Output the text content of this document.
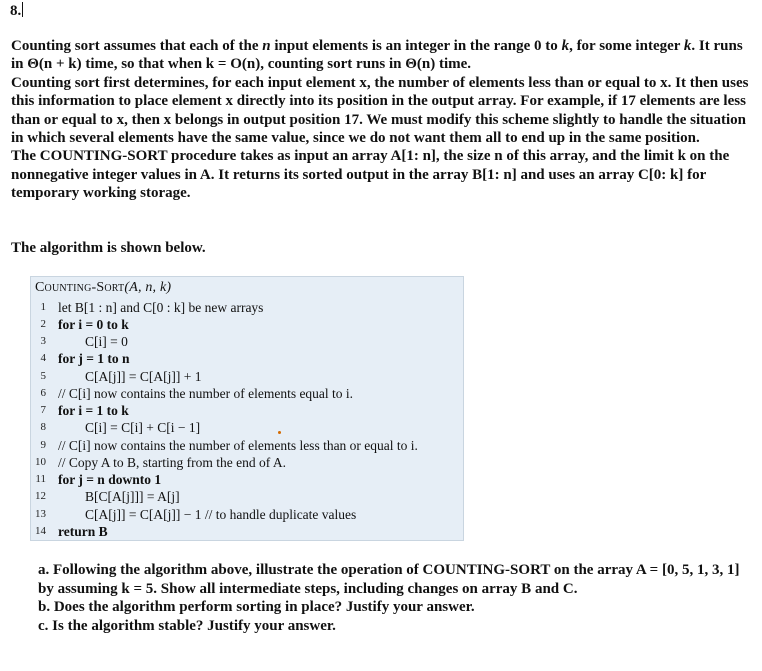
8.

Counting sort assumes that each of the n input elements is an integer in the range 0 to k, for some integer k. It runs in Θ(n + k) time, so that when k = O(n), counting sort runs in Θ(n) time.

Counting sort first determines, for each input element x, the number of elements less than or equal to x. It then uses this information to place element x directly into its position in the output array. For example, if 17 elements are less than or equal to x, then x belongs in output position 17. We must modify this scheme slightly to handle the situation in which several elements have the same value, since we do not want them all to end up in the same position.

The COUNTING-SORT procedure takes as input an array A[1: n], the size n of this array, and the limit k on the nonnegative integer values in A. It returns its sorted output in the array B[1: n] and uses an array C[0: k] for temporary working storage.

The algorithm is shown below.
Counting-Sort(A, n, k)
1 let B[1 : n] and C[0 : k] be new arrays
2 for i = 0 to k
3	C[i] = 0
4 for j = 1 to n
5	C[A[j]] = C[A[j]] + 1
6 // C[i] now contains the number of elements equal to i.
7 for i = 1 to k
8	C[i] = C[i] + C[i − 1]
9 // C[i] now contains the number of elements less than or equal to i.
10 // Copy A to B, starting from the end of A.
11 for j = n downto 1
12	B[C[A[j]]] = A[j]
13	C[A[j]] = C[A[j]] − 1 // to handle duplicate values
14 return B

a. Following the algorithm above, illustrate the operation of COUNTING-SORT on the array A = [0, 5, 1, 3, 1] by assuming k = 5. Show all intermediate steps, including changes on array B and C.

b. Does the algorithm perform sorting in place? Justify your answer.

c. Is the algorithm stable? Justify your answer.
